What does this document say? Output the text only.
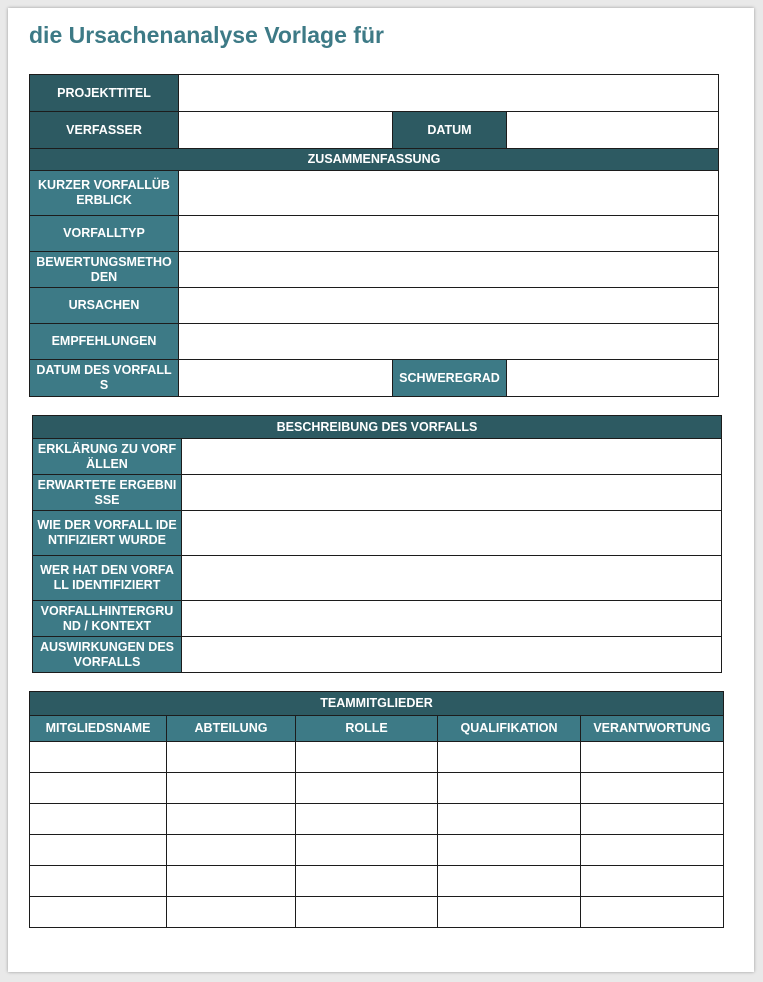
die Ursachenanalyse Vorlage für
PROJEKTTITEL			
VERFASSER		DATUM	
ZUSAMMENFASSUNG			
KURZER VORFALLÜBERBLICK			
VORFALLTYP			
BEWERTUNGSMETHODEN			
URSACHEN			
EMPFEHLUNGEN			
DATUM DES VORFALLS		SCHWEREGRAD	
BESCHREIBUNG DES VORFALLS	
ERKLÄRUNG ZU VORFÄLLEN	
ERWARTETE ERGEBNISSE	
WIE DER VORFALL IDENTIFIZIERT WURDE	
WER HAT DEN VORFALL IDENTIFIZIERT	
VORFALLHINTERGRUND / KONTEXT	
AUSWIRKUNGEN DES VORFALLS	
TEAMMITGLIEDER				
MITGLIEDSNAME	ABTEILUNG	ROLLE	QUALIFIKATION	VERANTWORTUNG
